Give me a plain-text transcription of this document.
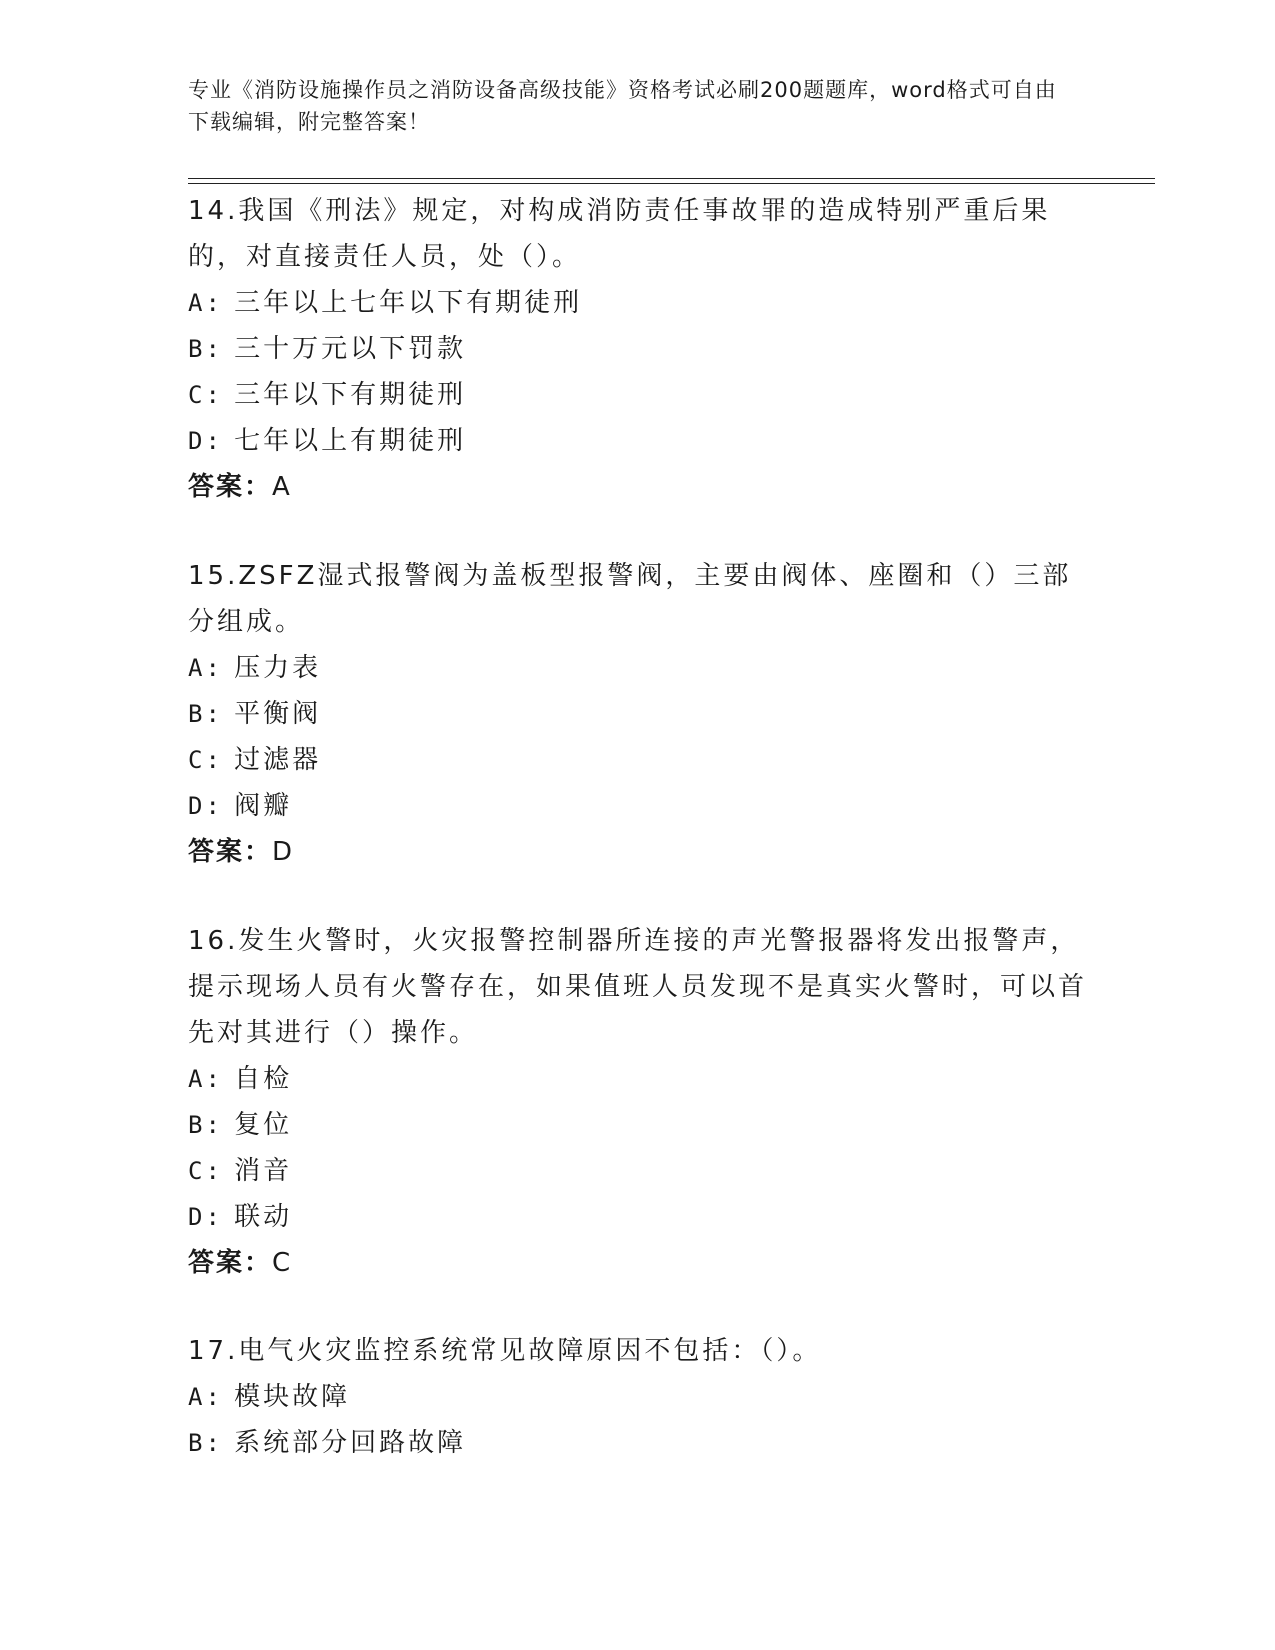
专业《消防设施操作员之消防设备高级技能》资格考试必刷200题题库，word格式可自由下载编辑，附完整答案！
14.我国《刑法》规定，对构成消防责任事故罪的造成特别严重后果的，对直接责任人员，处（）。
A: 三年以上七年以下有期徒刑
B: 三十万元以下罚款
C: 三年以下有期徒刑
D: 七年以上有期徒刑
答案：A
15.ZSFZ湿式报警阀为盖板型报警阀，主要由阀体、座圈和（）三部分组成。
A: 压力表
B: 平衡阀
C: 过滤器
D: 阀瓣
答案：D
16.发生火警时，火灾报警控制器所连接的声光警报器将发出报警声，提示现场人员有火警存在，如果值班人员发现不是真实火警时，可以首先对其进行（）操作。
A: 自检
B: 复位
C: 消音
D: 联动
答案：C
17.电气火灾监控系统常见故障原因不包括：（）。
A: 模块故障
B: 系统部分回路故障
